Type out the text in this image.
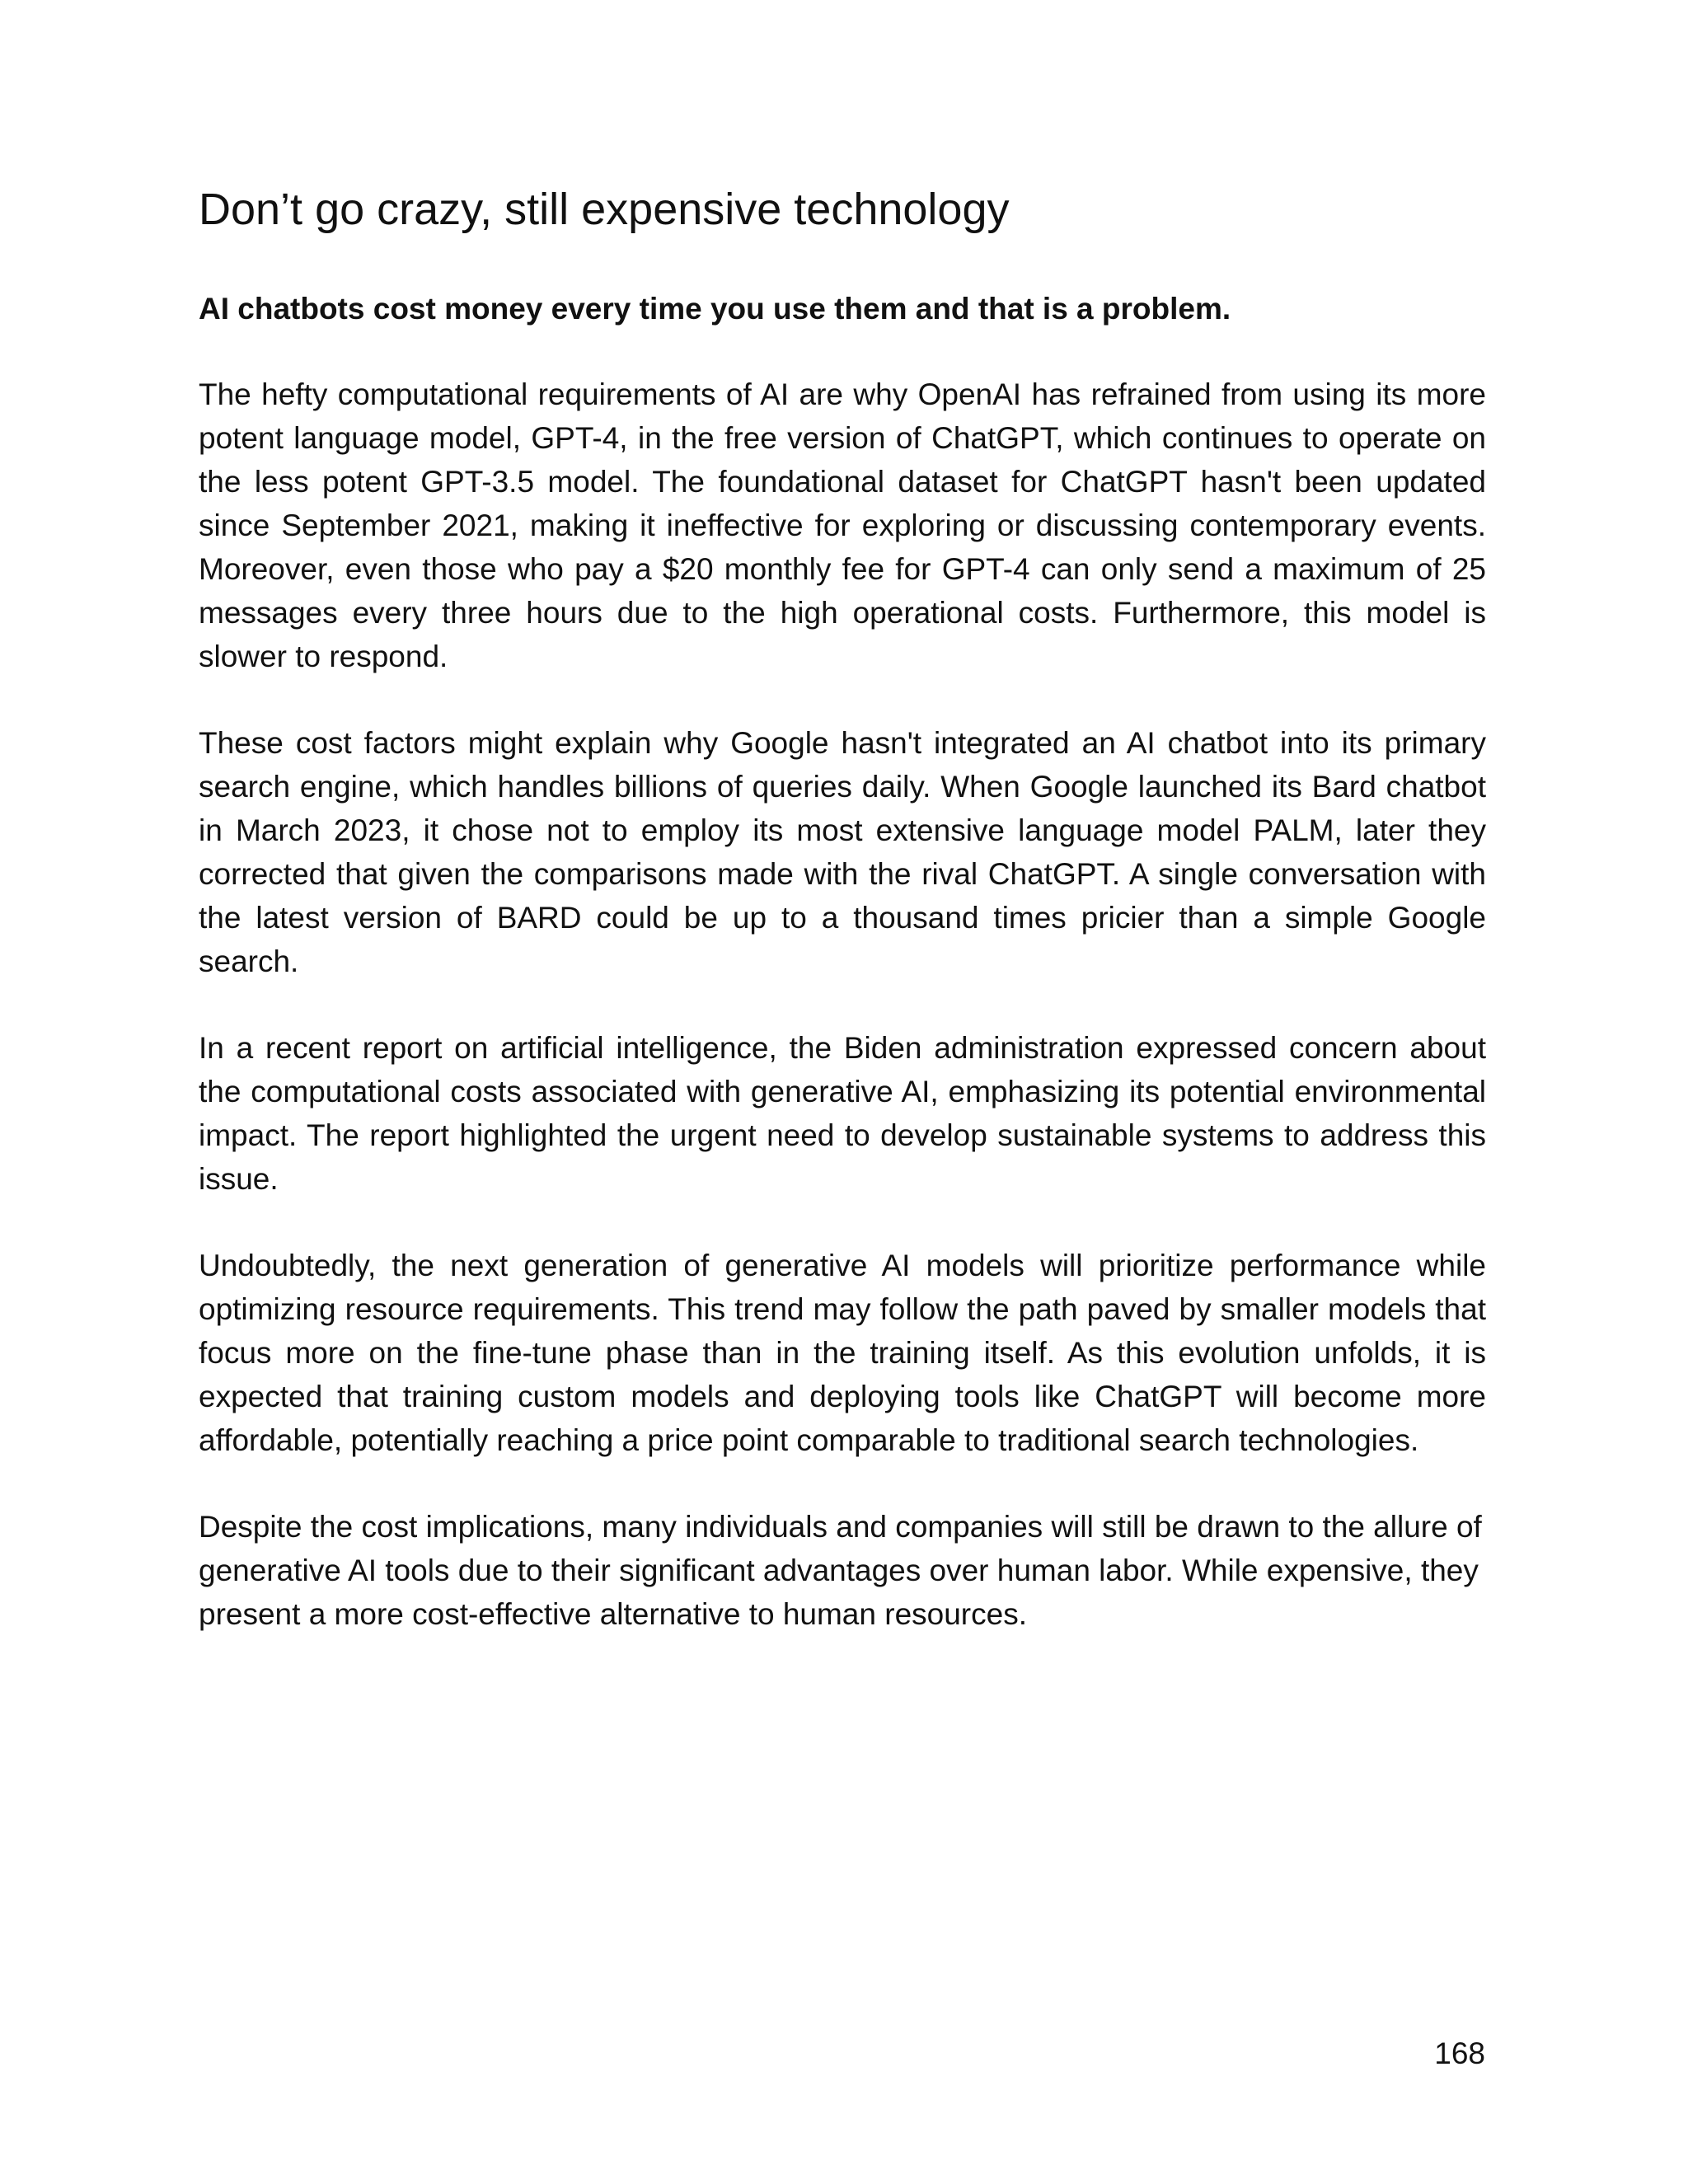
Don’t go crazy, still expensive technology

AI chatbots cost money every time you use them and that is a problem.

The hefty computational requirements of AI are why OpenAI has refrained from using its more potent language model, GPT-4, in the free version of ChatGPT, which continues to operate on the less potent GPT-3.5 model. The foundational dataset for ChatGPT hasn't been updated since September 2021, making it ineffective for exploring or discussing contemporary events. Moreover, even those who pay a $20 monthly fee for GPT-4 can only send a maximum of 25 messages every three hours due to the high operational costs. Furthermore, this model is slower to respond.

These cost factors might explain why Google hasn't integrated an AI chatbot into its primary search engine, which handles billions of queries daily. When Google launched its Bard chatbot in March 2023, it chose not to employ its most extensive language model PALM, later they corrected that given the comparisons made with the rival ChatGPT. A single conversation with the latest version of BARD could be up to a thousand times pricier than a simple Google search.

In a recent report on artificial intelligence, the Biden administration expressed concern about the computational costs associated with generative AI, emphasizing its potential environmental impact. The report highlighted the urgent need to develop sustainable systems to address this issue.

Undoubtedly, the next generation of generative AI models will prioritize performance while optimizing resource requirements. This trend may follow the path paved by smaller models that focus more on the fine-tune phase than in the training itself. As this evolution unfolds, it is expected that training custom models and deploying tools like ChatGPT will become more affordable, potentially reaching a price point comparable to traditional search technologies.

Despite the cost implications, many individuals and companies will still be drawn to the allure of generative AI tools due to their significant advantages over human labor. While expensive, they present a more cost-effective alternative to human resources.

168
